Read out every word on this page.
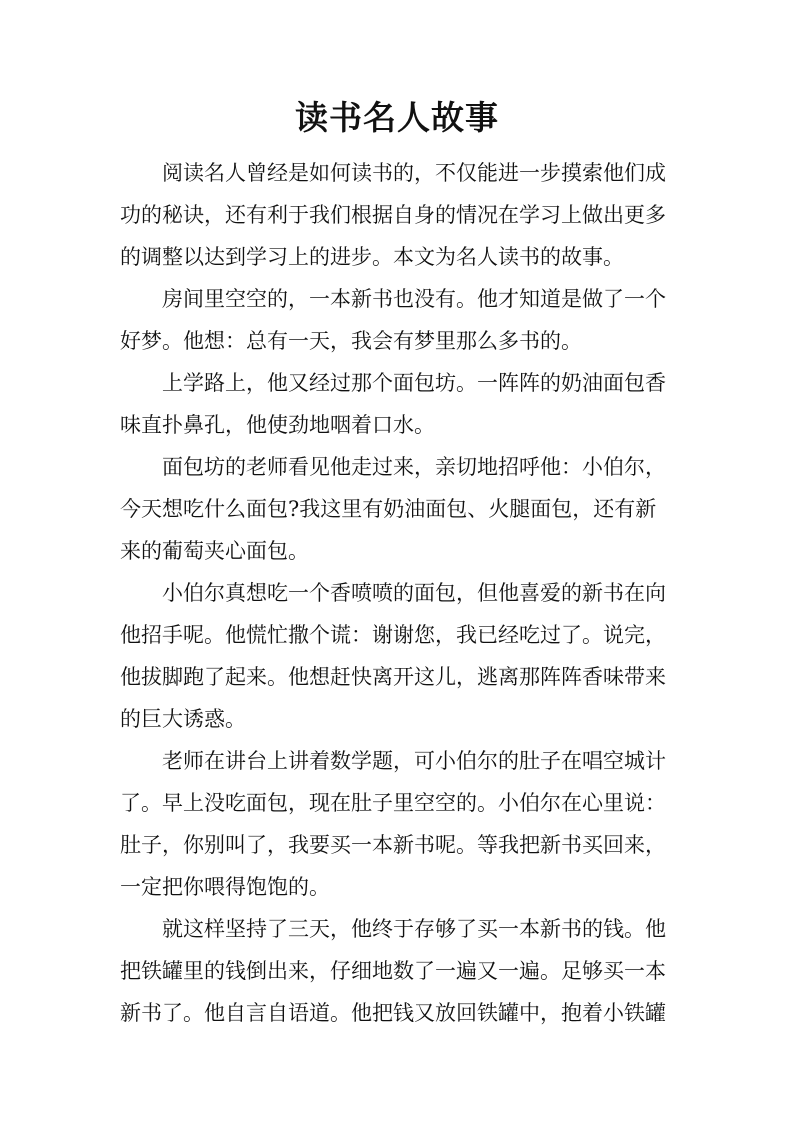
读书名人故事

　　阅读名人曾经是如何读书的，不仅能进一步摸索他们成
功的秘诀，还有利于我们根据自身的情况在学习上做出更多
的调整以达到学习上的进步。本文为名人读书的故事。

　　房间里空空的，一本新书也没有。他才知道是做了一个
好梦。他想：总有一天，我会有梦里那么多书的。

　　上学路上，他又经过那个面包坊。一阵阵的奶油面包香
味直扑鼻孔，他使劲地咽着口水。

　　面包坊的老师看见他走过来，亲切地招呼他：小伯尔，
今天想吃什么面包?我这里有奶油面包、火腿面包，还有新
来的葡萄夹心面包。

　　小伯尔真想吃一个香喷喷的面包，但他喜爱的新书在向
他招手呢。他慌忙撒个谎：谢谢您，我已经吃过了。说完，
他拔脚跑了起来。他想赶快离开这儿，逃离那阵阵香味带来
的巨大诱惑。

　　老师在讲台上讲着数学题，可小伯尔的肚子在唱空城计
了。早上没吃面包，现在肚子里空空的。小伯尔在心里说：
肚子，你别叫了，我要买一本新书呢。等我把新书买回来，
一定把你喂得饱饱的。

　　就这样坚持了三天，他终于存够了买一本新书的钱。他
把铁罐里的钱倒出来，仔细地数了一遍又一遍。足够买一本
新书了。他自言自语道。他把钱又放回铁罐中，抱着小铁罐
